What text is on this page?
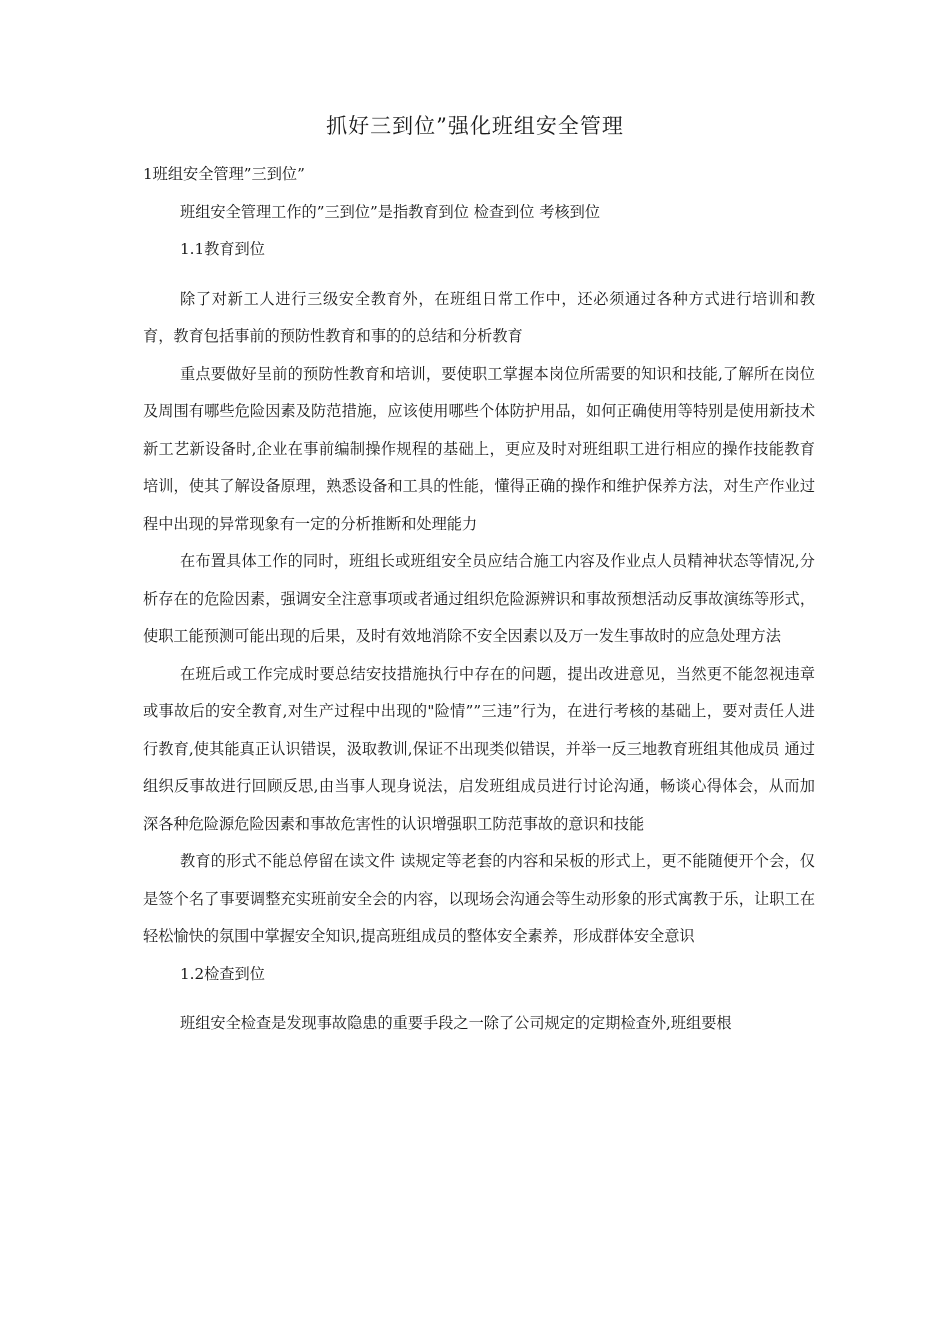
抓好三到位”强化班组安全管理

1班组安全管理”三到位”

班组安全管理工作的”三到位”是指教育到位 检查到位 考核到位

1.1教育到位

除了对新工人进行三级安全教育外，在班组日常工作中，还必须通过各种方式进行培训和教育，教育包括事前的预防性教育和事的的总结和分析教育

重点要做好呈前的预防性教育和培训，要使职工掌握本岗位所需要的知识和技能,了解所在岗位及周围有哪些危险因素及防范措施，应该使用哪些个体防护用品，如何正确使用等特别是使用新技术新工艺新设备时,企业在事前编制操作规程的基础上，更应及时对班组职工进行相应的操作技能教育培训，使其了解设备原理，熟悉设备和工具的性能，懂得正确的操作和维护保养方法，对生产作业过程中出现的异常现象有一定的分析推断和处理能力

在布置具体工作的同时，班组长或班组安全员应结合施工内容及作业点人员精神状态等情况,分析存在的危险因素，强调安全注意事项或者通过组织危险源辨识和事故预想活动反事故演练等形式，使职工能预测可能出现的后果，及时有效地消除不安全因素以及万一发生事故时的应急处理方法

在班后或工作完成时要总结安技措施执行中存在的问题，提出改进意见，当然更不能忽视违章或事故后的安全教育,对生产过程中出现的"险情””三违”行为，在进行考核的基础上，要对责任人进行教育,使其能真正认识错误，汲取教训,保证不出现类似错误，并举一反三地教育班组其他成员 通过组织反事故进行回顾反思,由当事人现身说法，启发班组成员进行讨论沟通，畅谈心得体会，从而加深各种危险源危险因素和事故危害性的认识增强职工防范事故的意识和技能

教育的形式不能总停留在读文件 读规定等老套的内容和呆板的形式上，更不能随便开个会，仅是签个名了事要调整充实班前安全会的内容，以现场会沟通会等生动形象的形式寓教于乐，让职工在轻松愉快的氛围中掌握安全知识,提高班组成员的整体安全素养，形成群体安全意识

1.2检查到位

班组安全检查是发现事故隐患的重要手段之一除了公司规定的定期检查外,班组要根
